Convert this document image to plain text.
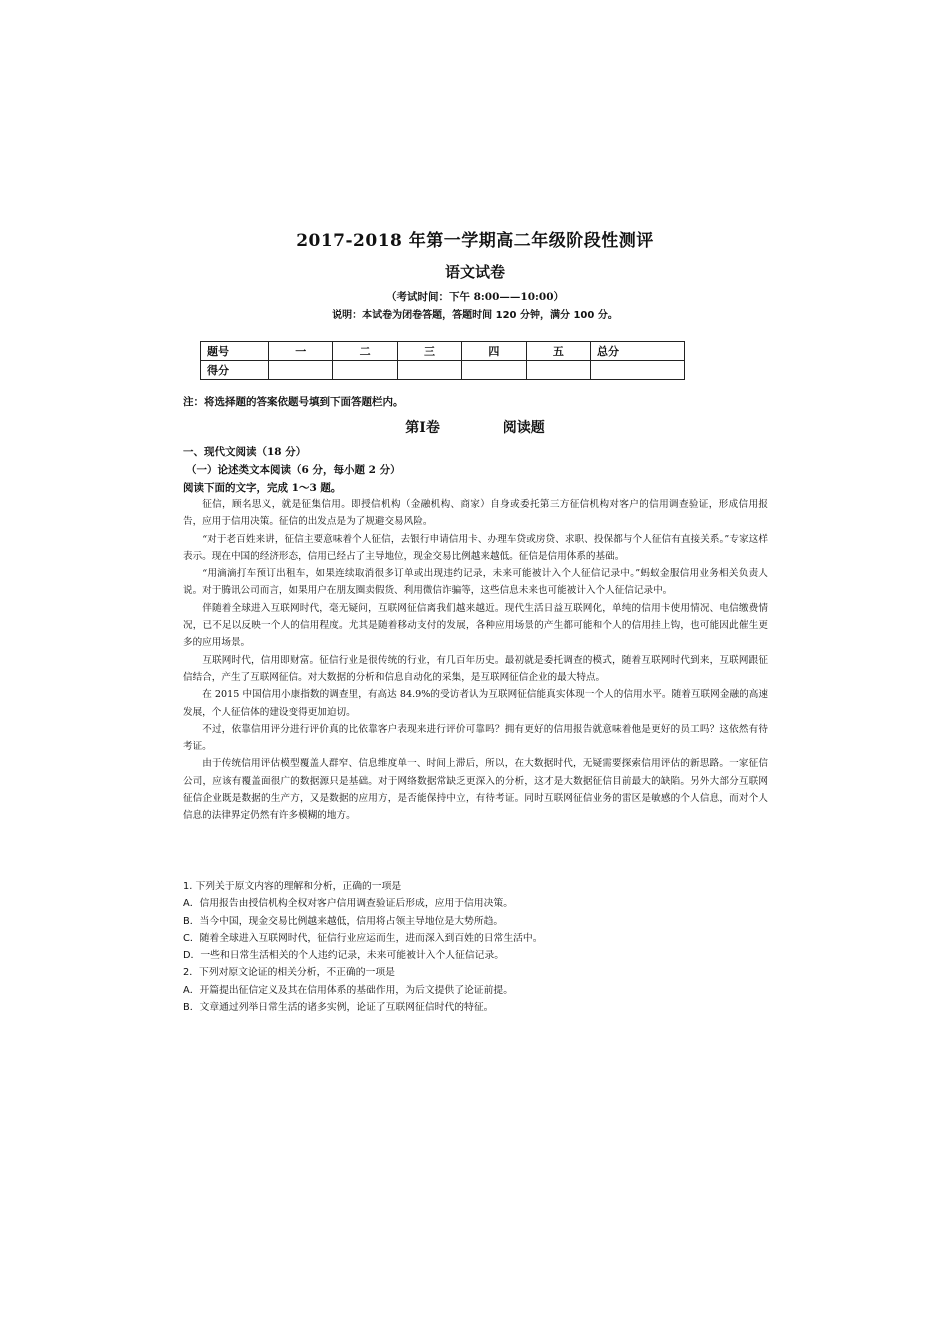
2017-2018 年第一学期高二年级阶段性测评
语文试卷
（考试时间：下午 8:00——10:00）
说明：本试卷为闭卷答题，答题时间 120 分钟，满分 100 分。
题号	一	二	三	四	五	总分
得分						
注：将选择题的答案依题号填到下面答题栏内。
第Ⅰ卷	阅读题
一、现代文阅读（18 分）
（一）论述类文本阅读（6 分，每小题 2 分）
阅读下面的文字，完成 1～3 题。

征信，顾名思义，就是征集信用。即授信机构（金融机构、商家）自身或委托第三方征信机构对客户的信用调查验证，形成信用报告，应用于信用决策。征信的出发点是为了规避交易风险。

“对于老百姓来讲，征信主要意味着个人征信，去银行申请信用卡、办理车贷或房贷、求职、投保都与个人征信有直接关系。”专家这样表示。现在中国的经济形态，信用已经占了主导地位，现金交易比例越来越低。征信是信用体系的基础。

“用滴滴打车预订出租车，如果连续取消很多订单或出现违约记录，未来可能被计入个人征信记录中。”蚂蚁金服信用业务相关负责人说。对于腾讯公司而言，如果用户在朋友圈卖假货、利用微信诈骗等，这些信息未来也可能被计入个人征信记录中。

伴随着全球进入互联网时代，毫无疑问，互联网征信离我们越来越近。现代生活日益互联网化，单纯的信用卡使用情况、电信缴费情况，已不足以反映一个人的信用程度。尤其是随着移动支付的发展，各种应用场景的产生都可能和个人的信用挂上钩，也可能因此催生更多的应用场景。

互联网时代，信用即财富。征信行业是很传统的行业，有几百年历史。最初就是委托调查的模式，随着互联网时代到来，互联网跟征信结合，产生了互联网征信。对大数据的分析和信息自动化的采集，是互联网征信企业的最大特点。

在 2015 中国信用小康指数的调查里，有高达 84.9%的受访者认为互联网征信能真实体现一个人的信用水平。随着互联网金融的高速发展，个人征信体的建设变得更加迫切。

不过，依靠信用评分进行评价真的比依靠客户表现来进行评价可靠吗？拥有更好的信用报告就意味着他是更好的员工吗？这依然有待考证。

由于传统信用评估模型覆盖人群窄、信息维度单一、时间上滞后，所以，在大数据时代，无疑需要探索信用评估的新思路。一家征信公司，应该有覆盖面很广的数据源只是基础。对于网络数据常缺乏更深入的分析，这才是大数据征信目前最大的缺陷。另外大部分互联网征信企业既是数据的生产方，又是数据的应用方，是否能保持中立，有待考证。同时互联网征信业务的雷区是敏感的个人信息，而对个人信息的法律界定仍然有许多模糊的地方。

1. 下列关于原文内容的理解和分析，正确的一项是

A．信用报告由授信机构全权对客户信用调查验证后形成，应用于信用决策。

B．当今中国，现金交易比例越来越低，信用将占领主导地位是大势所趋。

C．随着全球进入互联网时代，征信行业应运而生，进而深入到百姓的日常生活中。

D．一些和日常生活相关的个人违约记录，未来可能被计入个人征信记录。

2．下列对原文论证的相关分析，不正确的一项是

A．开篇提出征信定义及其在信用体系的基础作用，为后文提供了论证前提。

B．文章通过列举日常生活的诸多实例，论证了互联网征信时代的特征。
